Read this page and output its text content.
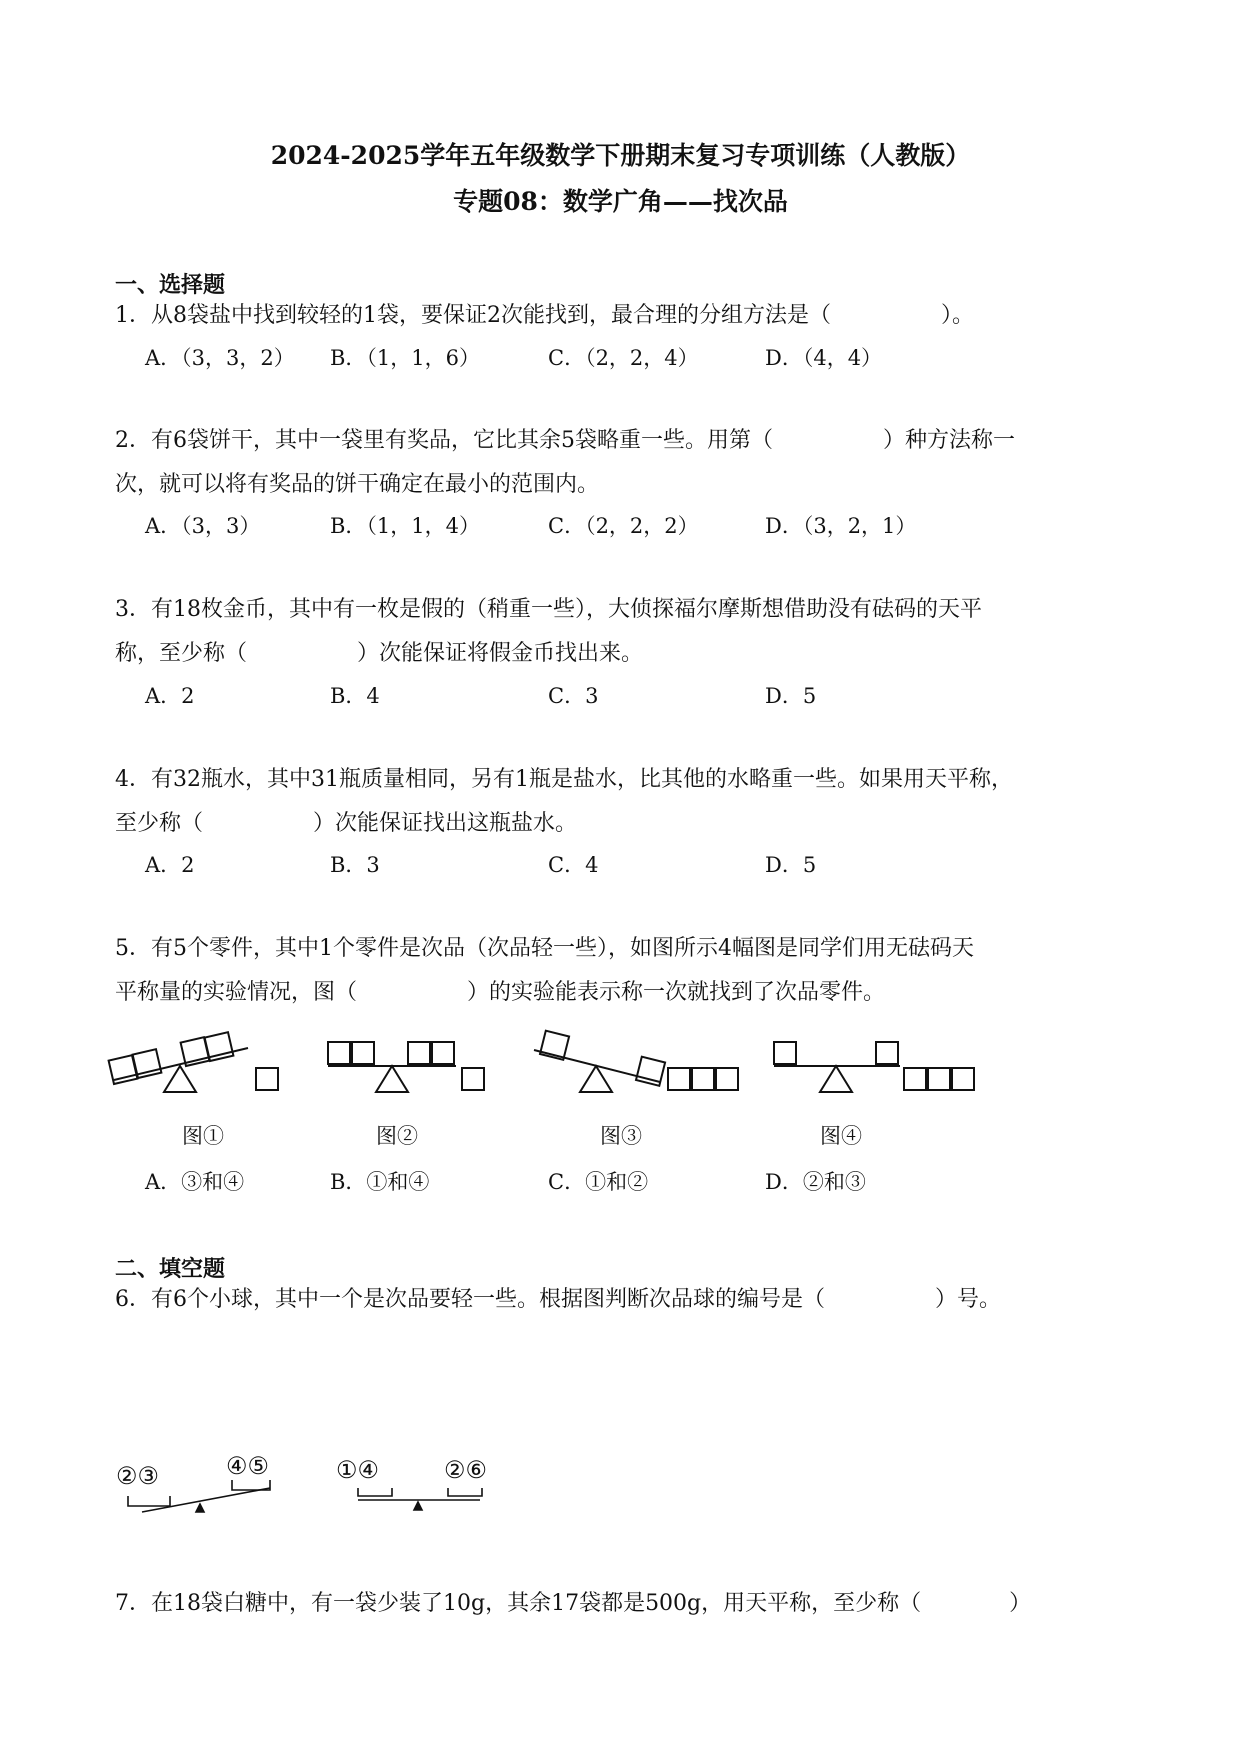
2024-2025学年五年级数学下册期末复习专项训练（人教版）
专题08：数学广角——找次品
一、选择题
1．从8袋盐中找到较轻的1袋，要保证2次能找到，最合理的分组方法是（　　　　　）。
A．（3，3，2） B．（1，1，6）	C．（2，2，4）	D．（4，4）
2．有6袋饼干，其中一袋里有奖品，它比其余5袋略重一些。用第（　　　　　）种方法称一
次，就可以将有奖品的饼干确定在最小的范围内。
A．（3，3）	B．（1，1，4）	C．（2，2，2）	D．（3，2，1）
3．有18枚金币，其中有一枚是假的（稍重一些），大侦探福尔摩斯想借助没有砝码的天平
称，至少称（　　　　　）次能保证将假金币找出来。
A．2	B．4	C．3	D．5
4．有32瓶水，其中31瓶质量相同，另有1瓶是盐水，比其他的水略重一些。如果用天平称，
至少称（　　　　　）次能保证找出这瓶盐水。
A．2	B．3	C．4	D．5
5．有5个零件，其中1个零件是次品（次品轻一些），如图所示4幅图是同学们用无砝码天
平称量的实验情况，图（　　　　　）的实验能表示称一次就找到了次品零件。
图①	图②	图③	图④
A．③和④	B．①和④	C．①和②	D．②和③
二、填空题
6．有6个小球，其中一个是次品要轻一些。根据图判断次品球的编号是（　　　　　）号。
②③	④⑤	①④	②⑥
7．在18袋白糖中，有一袋少装了10g，其余17袋都是500g，用天平称，至少称（　　　　）
